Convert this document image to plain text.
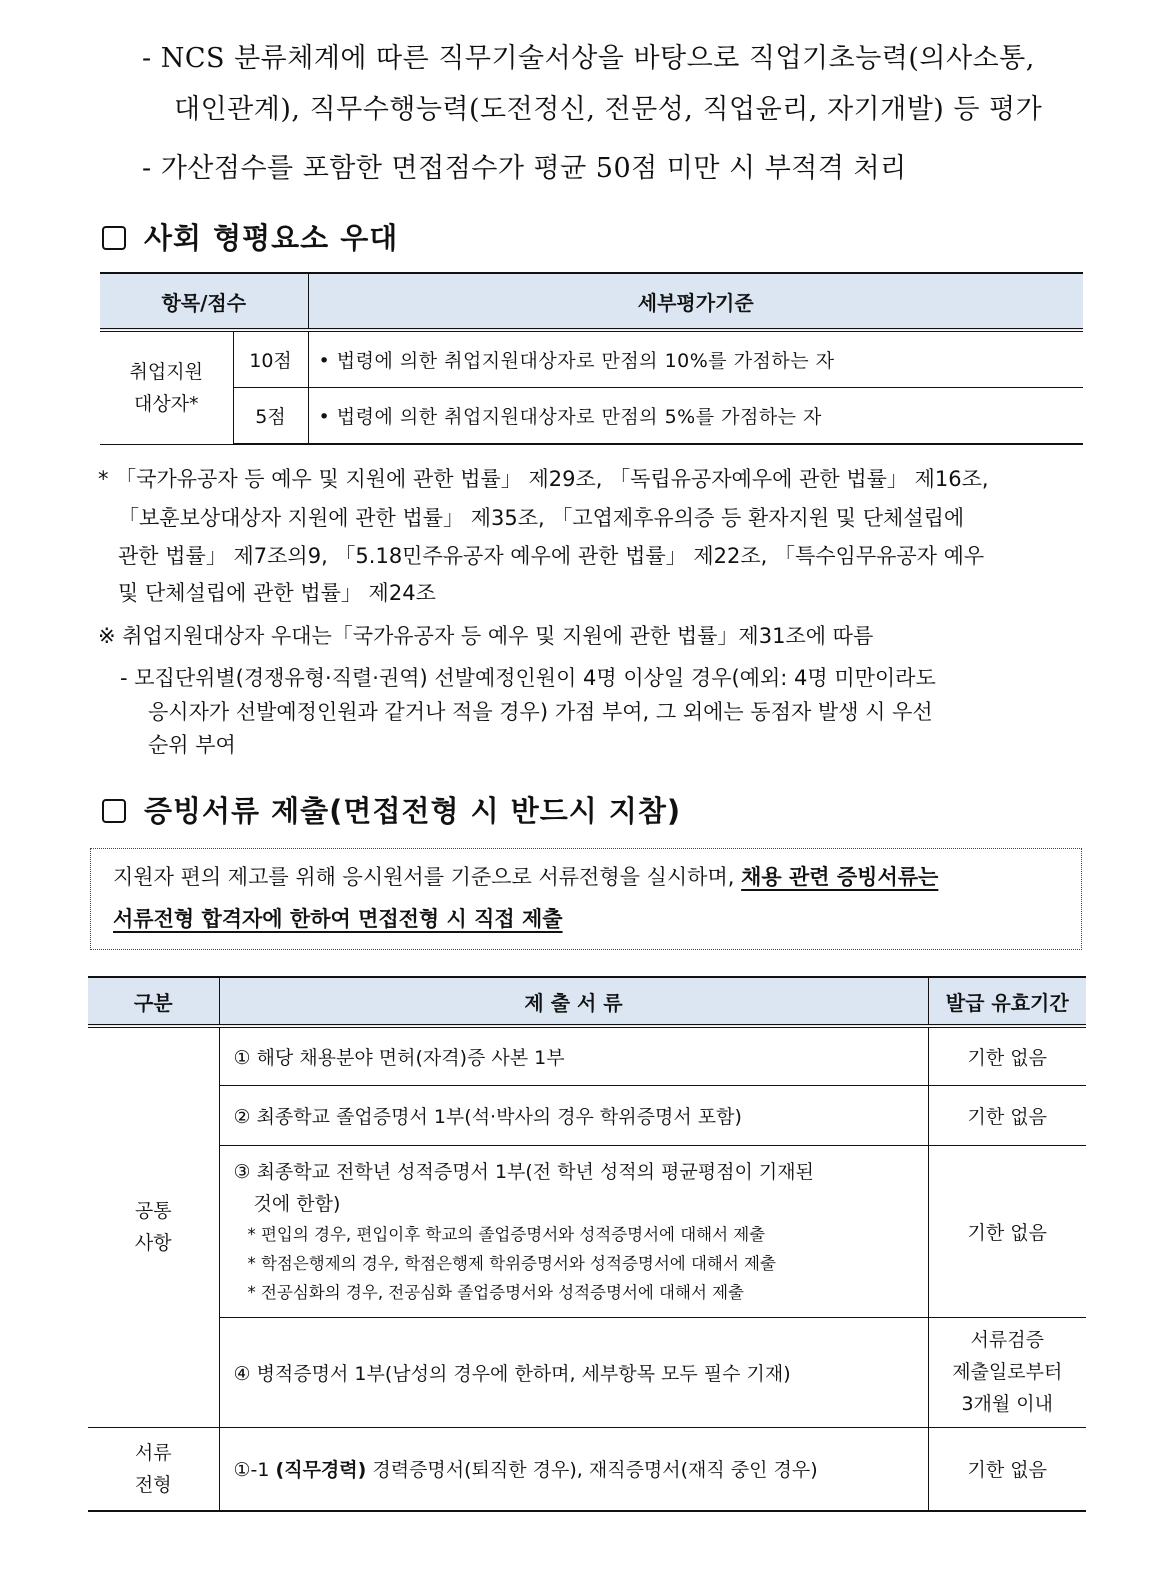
- NCS 분류체계에 따른 직무기술서상을 바탕으로 직업기초능력(의사소통,
대인관계), 직무수행능력(도전정신, 전문성, 직업윤리, 자기개발) 등 평가
- 가산점수를 포함한 면접점수가 평균 50점 미만 시 부적격 처리
사회 형평요소 우대
항목/점수		세부평가기준

취업지원
대상자*	10점	• 법령에 의한 취업지원대상자로 만점의 10%를 가점하는 자
	5점	• 법령에 의한 취업지원대상자로 만점의 5%를 가점하는 자
* 「국가유공자 등 예우 및 지원에 관한 법률」 제29조, 「독립유공자예우에 관한 법률」 제16조,
「보훈보상대상자 지원에 관한 법률」 제35조, 「고엽제후유의증 등 환자지원 및 단체설립에
관한 법률」 제7조의9, 「5.18민주유공자 예우에 관한 법률」 제22조, 「특수임무유공자 예우
및 단체설립에 관한 법률」 제24조
※ 취업지원대상자 우대는「국가유공자 등 예우 및 지원에 관한 법률」제31조에 따름
- 모집단위별(경쟁유형·직렬·권역) 선발예정인원이 4명 이상일 경우(예외: 4명 미만이라도
응시자가 선발예정인원과 같거나 적을 경우) 가점 부여, 그 외에는 동점자 발생 시 우선
순위 부여
증빙서류 제출(면접전형 시 반드시 지참)
지원자 편의 제고를 위해 응시원서를 기준으로 서류전형을 실시하며, 채용 관련 증빙서류는
서류전형 합격자에 한하여 면접전형 시 직접 제출
구분	제 출 서 류	발급 유효기간

공통
사항	① 해당 채용분야 면허(자격)증 사본 1부	기한 없음
	② 최종학교 졸업증명서 1부(석·박사의 경우 학위증명서 포함)	기한 없음

	③ 최종학교 전학년 성적증명서 1부(전 학년 성적의 평균평점이 기재된
것에 한함)
* 편입의 경우, 편입이후 학교의 졸업증명서와 성적증명서에 대해서 제출
* 학점은행제의 경우, 학점은행제 학위증명서와 성적증명서에 대해서 제출
* 전공심화의 경우, 전공심화 졸업증명서와 성적증명서에 대해서 제출	기한 없음
	④ 병적증명서 1부(남성의 경우에 한하며, 세부항목 모두 필수 기재)	서류검증
제출일로부터
3개월 이내

서류
전형	①-1 (직무경력) 경력증명서(퇴직한 경우), 재직증명서(재직 중인 경우)	기한 없음
